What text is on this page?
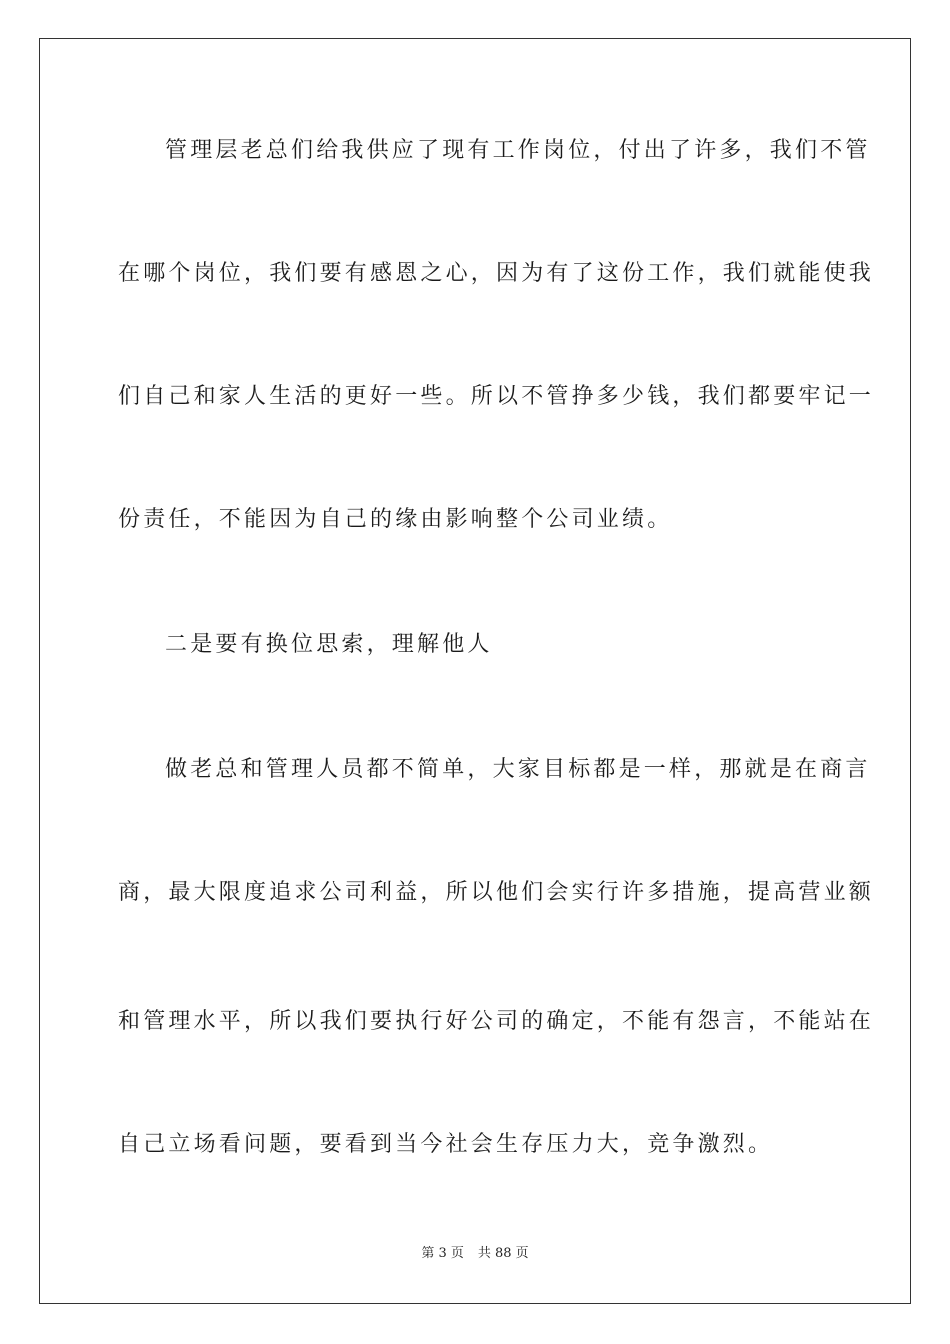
管理层老总们给我供应了现有工作岗位，付出了许多，我们不管
在哪个岗位，我们要有感恩之心，因为有了这份工作，我们就能使我
们自己和家人生活的更好一些。所以不管挣多少钱，我们都要牢记一
份责任，不能因为自己的缘由影响整个公司业绩。
二是要有换位思索，理解他人
做老总和管理人员都不简单，大家目标都是一样，那就是在商言
商，最大限度追求公司利益，所以他们会实行许多措施，提高营业额
和管理水平，所以我们要执行好公司的确定，不能有怨言，不能站在
自己立场看问题，要看到当今社会生存压力大，竞争激烈。
第 3 页 共 88 页
